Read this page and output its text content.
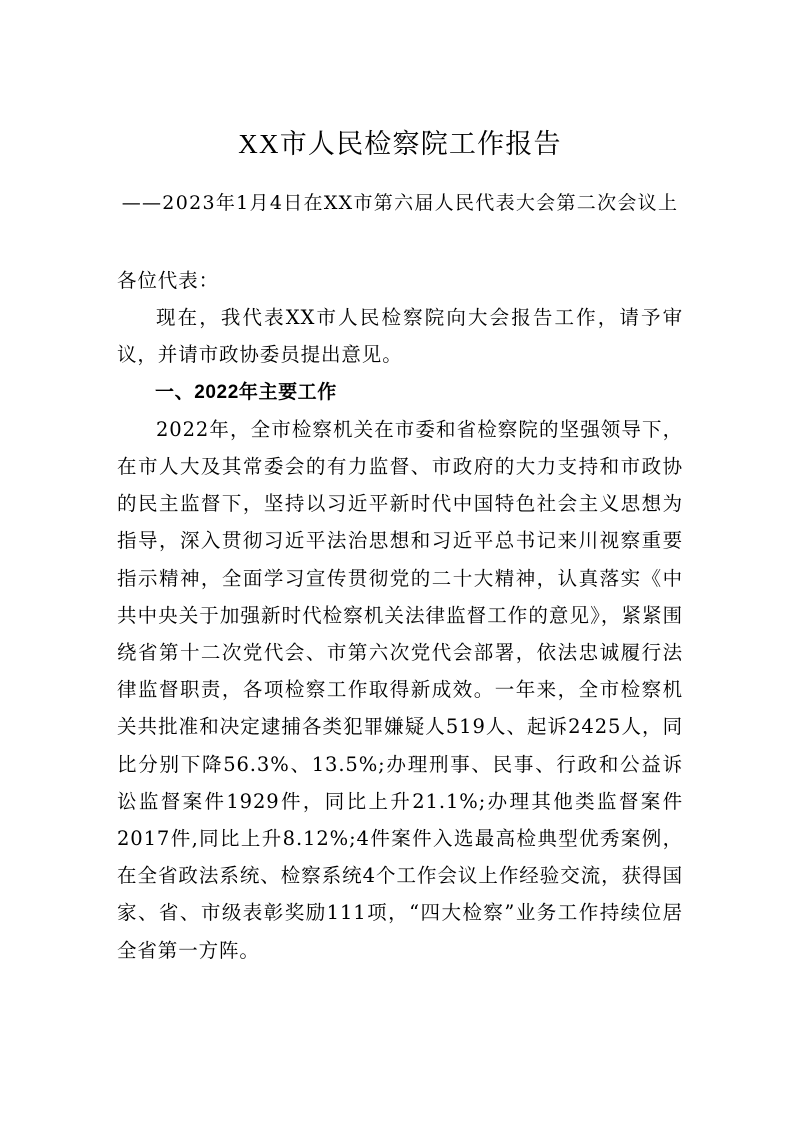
XX市人民检察院工作报告

——2023年1月4日在XX市第六届人民代表大会第二次会议上

各位代表：

现在，我代表XX市人民检察院向大会报告工作，请予审议，并请市政协委员提出意见。

一、2022年主要工作

2022年，全市检察机关在市委和省检察院的坚强领导下，在市人大及其常委会的有力监督、市政府的大力支持和市政协的民主监督下，坚持以习近平新时代中国特色社会主义思想为指导，深入贯彻习近平法治思想和习近平总书记来川视察重要指示精神，全面学习宣传贯彻党的二十大精神，认真落实《中共中央关于加强新时代检察机关法律监督工作的意见》，紧紧围绕省第十二次党代会、市第六次党代会部署，依法忠诚履行法律监督职责，各项检察工作取得新成效。一年来，全市检察机关共批准和决定逮捕各类犯罪嫌疑人519人、起诉2425人，同比分别下降56.3%、13.5%;办理刑事、民事、行政和公益诉讼监督案件1929件，同比上升21.1%;办理其他类监督案件2017件,同比上升8.12%;4件案件入选最高检典型优秀案例，在全省政法系统、检察系统4个工作会议上作经验交流，获得国家、省、市级表彰奖励111项，“四大检察”业务工作持续位居全省第一方阵。
